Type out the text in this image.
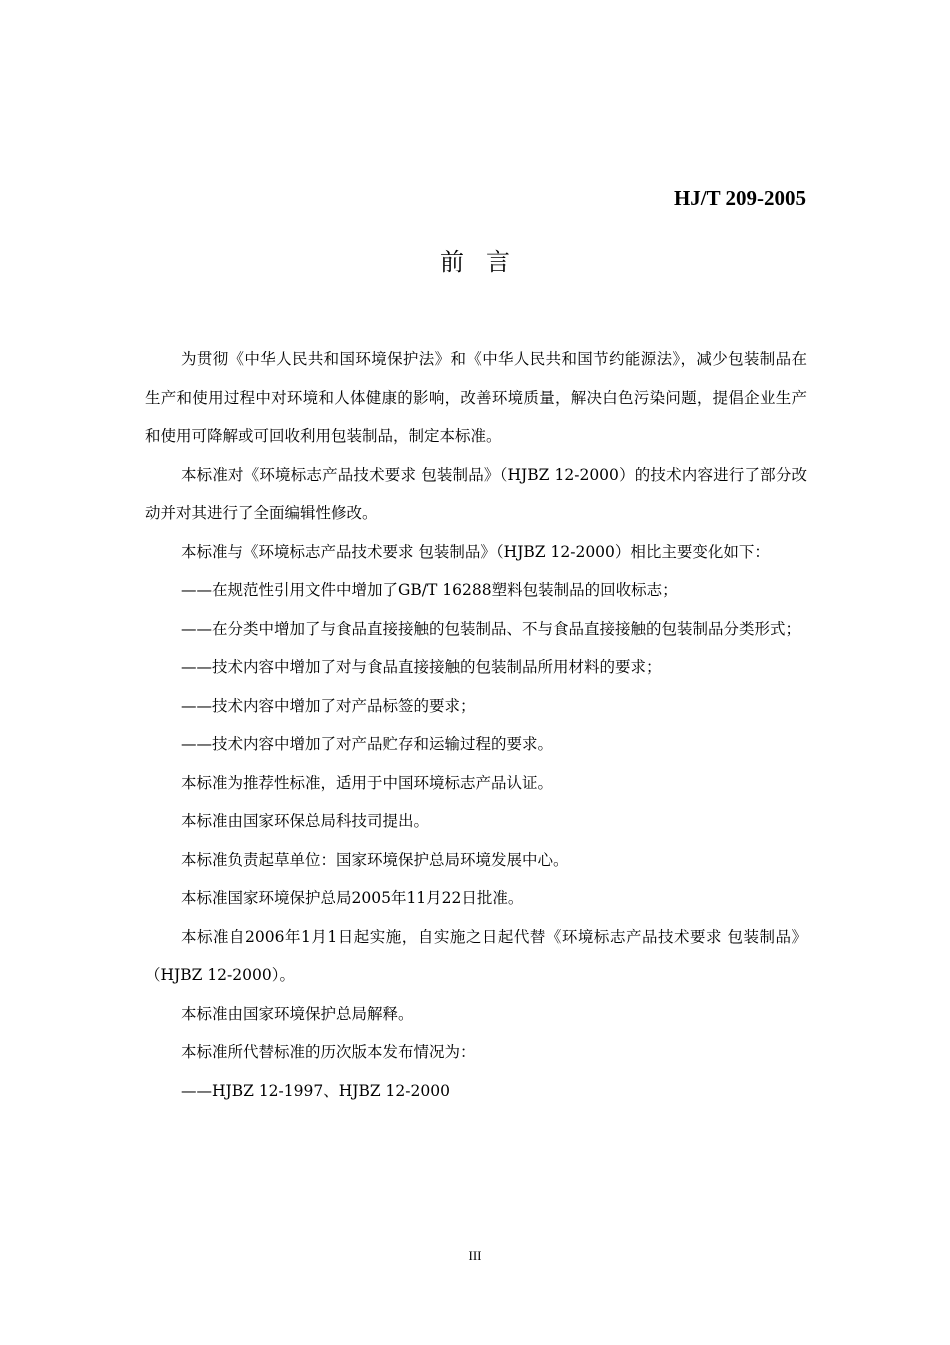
HJ/T 209-2005
前言

为贯彻《中华人民共和国环境保护法》和《中华人民共和国节约能源法》，减少包装制品在生产和使用过程中对环境和人体健康的影响，改善环境质量，解决白色污染问题，提倡企业生产和使用可降解或可回收利用包装制品，制定本标准。

本标准对《环境标志产品技术要求 包装制品》（HJBZ 12-2000）的技术内容进行了部分改动并对其进行了全面编辑性修改。

本标准与《环境标志产品技术要求 包装制品》（HJBZ 12-2000）相比主要变化如下：

——在规范性引用文件中增加了GB/T 16288塑料包装制品的回收标志；

——在分类中增加了与食品直接接触的包装制品、不与食品直接接触的包装制品分类形式；

——技术内容中增加了对与食品直接接触的包装制品所用材料的要求；

——技术内容中增加了对产品标签的要求；

——技术内容中增加了对产品贮存和运输过程的要求。

本标准为推荐性标准，适用于中国环境标志产品认证。

本标准由国家环保总局科技司提出。

本标准负责起草单位：国家环境保护总局环境发展中心。

本标准国家环境保护总局2005年11月22日批准。

本标准自2006年1月1日起实施，自实施之日起代替《环境标志产品技术要求 包装制品》（HJBZ 12-2000）。

本标准由国家环境保护总局解释。

本标准所代替标准的历次版本发布情况为：

——HJBZ 12-1997、HJBZ 12-2000

III
